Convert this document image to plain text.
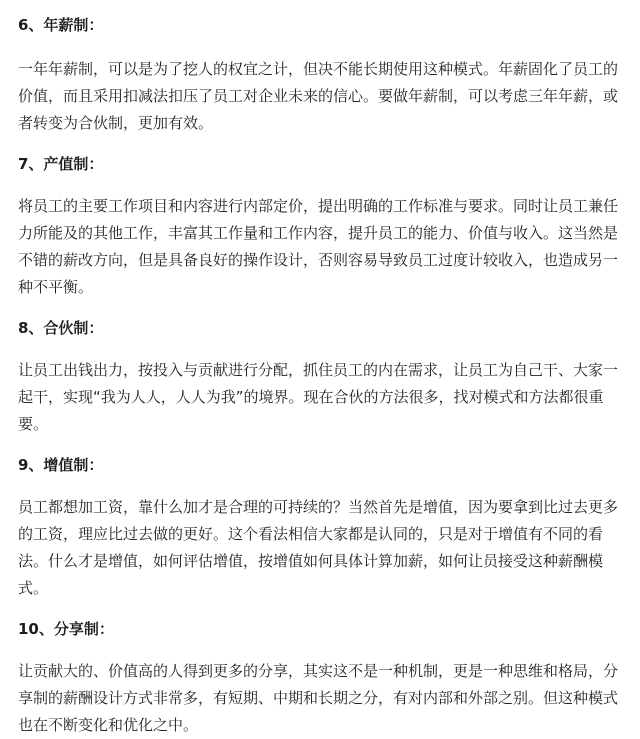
6、年薪制：

一年年薪制，可以是为了挖人的权宜之计，但决不能长期使用这种模式。年薪固化了员工的价值，而且采用扣减法扣压了员工对企业未来的信心。要做年薪制，可以考虑三年年薪，或者转变为合伙制，更加有效。

7、产值制：

将员工的主要工作项目和内容进行内部定价，提出明确的工作标准与要求。同时让员工兼任力所能及的其他工作，丰富其工作量和工作内容，提升员工的能力、价值与收入。这当然是不错的薪改方向，但是具备良好的操作设计，否则容易导致员工过度计较收入，也造成另一种不平衡。

8、合伙制：

让员工出钱出力，按投入与贡献进行分配，抓住员工的内在需求，让员工为自己干、大家一起干，实现“我为人人，人人为我”的境界。现在合伙的方法很多，找对模式和方法都很重要。

9、增值制：

员工都想加工资，靠什么加才是合理的可持续的？当然首先是增值，因为要拿到比过去更多的工资，理应比过去做的更好。这个看法相信大家都是认同的，只是对于增值有不同的看法。什么才是增值，如何评估增值，按增值如何具体计算加薪，如何让员接受这种薪酬模式。

10、分享制：

让贡献大的、价值高的人得到更多的分享，其实这不是一种机制，更是一种思维和格局，分享制的薪酬设计方式非常多，有短期、中期和长期之分，有对内部和外部之别。但这种模式也在不断变化和优化之中。
